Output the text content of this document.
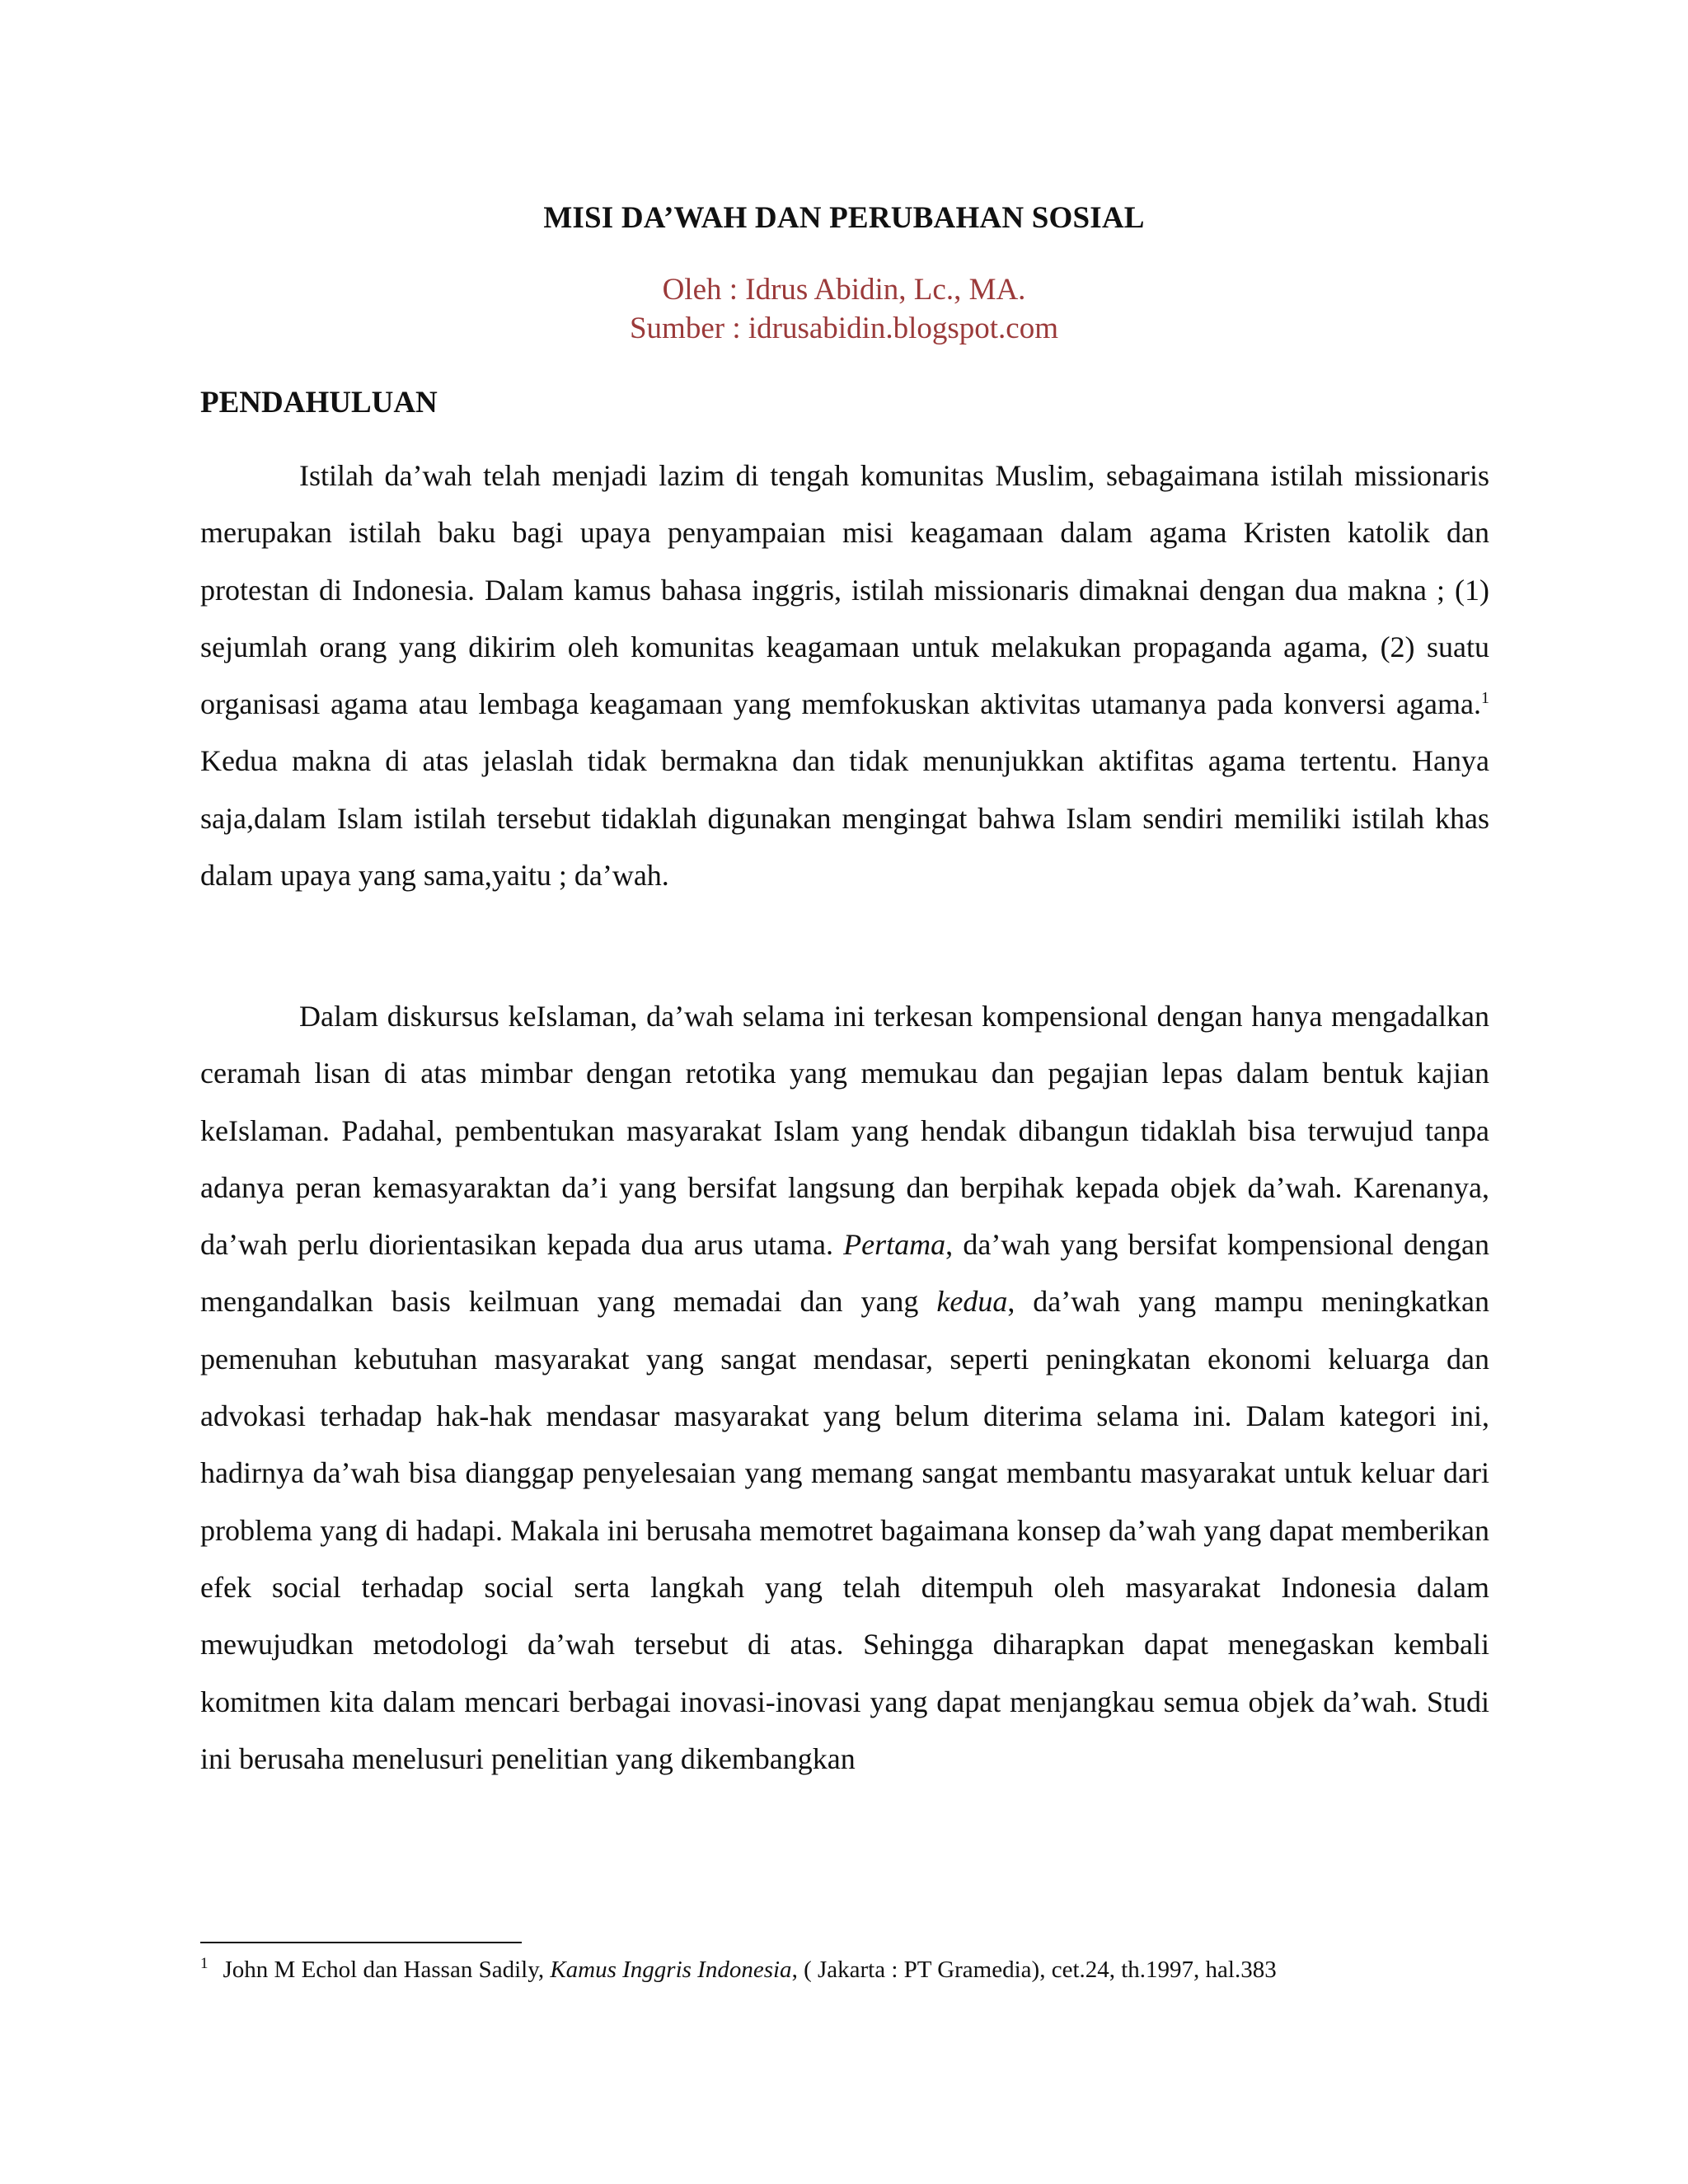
MISI DA’WAH DAN PERUBAHAN SOSIAL
Oleh : Idrus Abidin, Lc., MA.
Sumber : idrusabidin.blogspot.com
PENDAHULUAN

Istilah da’wah telah menjadi lazim di tengah komunitas Muslim, sebagaimana istilah missionaris merupakan istilah baku bagi upaya penyampaian misi keagamaan dalam agama Kristen katolik dan protestan di Indonesia. Dalam kamus bahasa inggris, istilah missionaris dimaknai dengan dua makna ; (1) sejumlah orang yang dikirim oleh komunitas keagamaan untuk melakukan propaganda agama, (2) suatu organisasi agama atau lembaga keagamaan yang memfokuskan aktivitas utamanya pada konversi agama.$^1$ Kedua makna di atas jelaslah tidak bermakna dan tidak menunjukkan aktifitas agama tertentu. Hanya saja,dalam Islam istilah tersebut tidaklah digunakan mengingat bahwa Islam sendiri memiliki istilah khas dalam upaya yang sama,yaitu ; da’wah.

Dalam diskursus keIslaman, da’wah selama ini terkesan kompensional dengan hanya mengadalkan ceramah lisan di atas mimbar dengan retotika yang memukau dan pegajian lepas dalam bentuk kajian keIslaman. Padahal, pembentukan masyarakat Islam yang hendak dibangun tidaklah bisa terwujud tanpa adanya peran kemasyaraktan da’i yang bersifat langsung dan berpihak kepada objek da’wah. Karenanya, da’wah perlu diorientasikan kepada dua arus utama. Pertama, da’wah yang bersifat kompensional dengan mengandalkan basis keilmuan yang memadai dan yang kedua, da’wah yang mampu meningkatkan pemenuhan kebutuhan masyarakat yang sangat mendasar, seperti peningkatan ekonomi keluarga dan advokasi terhadap hak-hak mendasar masyarakat yang belum diterima selama ini. Dalam kategori ini, hadirnya da’wah bisa dianggap penyelesaian yang memang sangat membantu masyarakat untuk keluar dari problema yang di hadapi. Makala ini berusaha memotret bagaimana konsep da’wah yang dapat memberikan efek social terhadap social serta langkah yang telah ditempuh oleh masyarakat Indonesia dalam mewujudkan metodologi da’wah tersebut di atas. Sehingga diharapkan dapat menegaskan kembali komitmen kita dalam mencari berbagai inovasi-inovasi yang dapat menjangkau semua objek da’wah. Studi ini berusaha menelusuri penelitian yang dikembangkan

$^1$ John M Echol dan Hassan Sadily, Kamus Inggris Indonesia, ( Jakarta : PT Gramedia), cet.24, th.1997, hal.383
